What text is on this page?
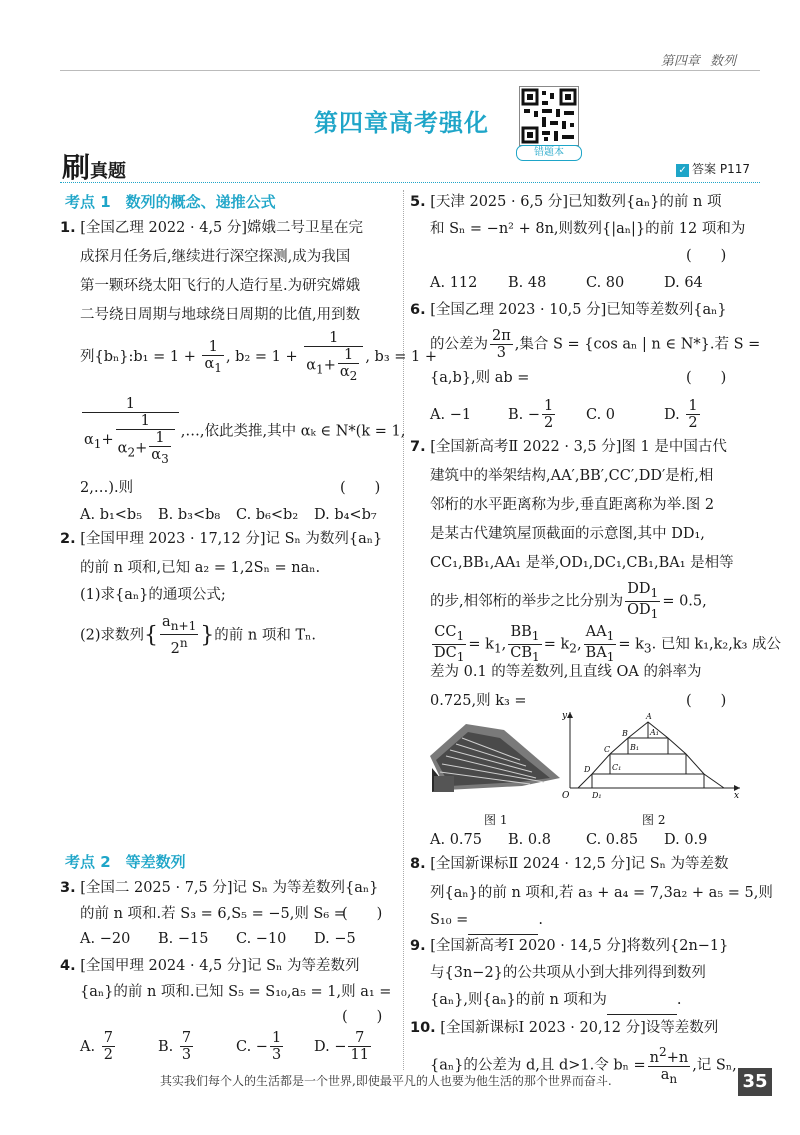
第四章 数列
第四章高考强化
错题本
刷真题	✓ 答案 P117
考点 1　数列的概念、递推公式
1. [全国乙理 2022 · 4,5 分]嫦娥二号卫星在完
成探月任务后,继续进行深空探测,成为我国
第一颗环绕太阳飞行的人造行星.为研究嫦娥
二号绕日周期与地球绕日周期的比值,用到数
列{bₙ}:b₁ = $1 + \frac{1}{\alpha_1}$ , $b_2 = 1 + \frac{1}{\alpha_1+ \frac{1}{\alpha_2}}$ , b₃ = 1 +
$\frac{1}{\alpha_1+ \frac{1}{\alpha_2+ \frac{1}{\alpha_3}}}$ ,…,依此类推,其中 αₖ ∈ N*(k = 1,
2,…).则	(　　)
A. b₁<b₅ B. b₃<b₈ C. b₆<b₂ D. b₄<b₇
2. [全国甲理 2023 · 17,12 分]记 Sₙ 为数列{aₙ}
的前 n 项和,已知 a₂ = 1,2Sₙ = naₙ.
(1)求{aₙ}的通项公式;
(2)求数列{ $\frac{a_{n+1}}{2^n}$ }的前 n 项和 Tₙ.
考点 2　等差数列
3. [全国二 2025 · 7,5 分]记 Sₙ 为等差数列{aₙ}
的前 n 项和.若 S₃ = 6,S₅ = −5,则 S₆ =
(　　)
A. −20 B. −15 C. −10 D. −5
4. [全国甲理 2024 · 4,5 分]记 Sₙ 为等差数列
{aₙ}的前 n 项和.已知 S₅ = S₁₀,a₅ = 1,则 a₁ =
(　　)
A. $\frac{7}{2}$	B. $\frac{7}{3}$	C. − $\frac{1}{3} D$. − $\frac{7}{11}$
5. [天津 2025 · 6,5 分]已知数列{aₙ}的前 n 项
和 Sₙ = −n² + 8n,则数列{|aₙ|}的前 12 项和为
(　　)
A. 112 B. 48	C. 80	D. 64
6. [全国乙理 2023 · 10,5 分]已知等差数列{aₙ}
的公差为 $\frac{2\pi}{3}$ ,集合 S = {cos aₙ | n ∈ N*}.若 S =
{a,b},则 ab =	(　　)
A. −1	B. − $\frac{1}{2} C$. 0	D. $\frac{1}{2}$
7. [全国新高考Ⅱ 2022 · 3,5 分]图 1 是中国古代
建筑中的举架结构,AA′,BB′,CC′,DD′是桁,相
邻桁的水平距离称为步,垂直距离称为举.图 2
是某古代建筑屋顶截面的示意图,其中 DD₁,
CC₁,BB₁,AA₁ 是举,OD₁,DC₁,CB₁,BA₁ 是相等
的步,相邻桁的举步之比分别为 $\frac{DD_1}{OD_1} = 0.5$,
$\frac{CC_1}{DC_1} = k_1$, $\frac{BB_1}{CB_1} = k_2$, $\frac{AA_1}{BA_1} = k_3$. 已知 k₁,k₂,k₃ 成公
差为 0.1 的等差数列,且直线 OA 的斜率为
0.725,则 k₃ =	(　　)
图 1
y
x
O
A
A₁
B
B₁
C
C₁
D
D₁
图 2
A. 0.75 B. 0.8 C. 0.85 D. 0.9
8. [全国新课标Ⅱ 2024 · 12,5 分]记 Sₙ 为等差数
列{aₙ}的前 n 项和,若 a₃ + a₄ = 7,3a₂ + a₅ = 5,则
S₁₀ =	.
9. [全国新高考Ⅰ 2020 · 14,5 分]将数列{2n−1}
与{3n−2}的公共项从小到大排列得到数列
{aₙ},则{aₙ}的前 n 项和为	.
10. [全国新课标Ⅰ 2023 · 20,12 分]设等差数列
{aₙ}的公差为 d,且 d>1.令 $b_n = \frac{n^2+n}{a_n}$ ,记 Sₙ,
其实我们每个人的生活都是一个世界,即使最平凡的人也要为他生活的那个世界而奋斗.	35
